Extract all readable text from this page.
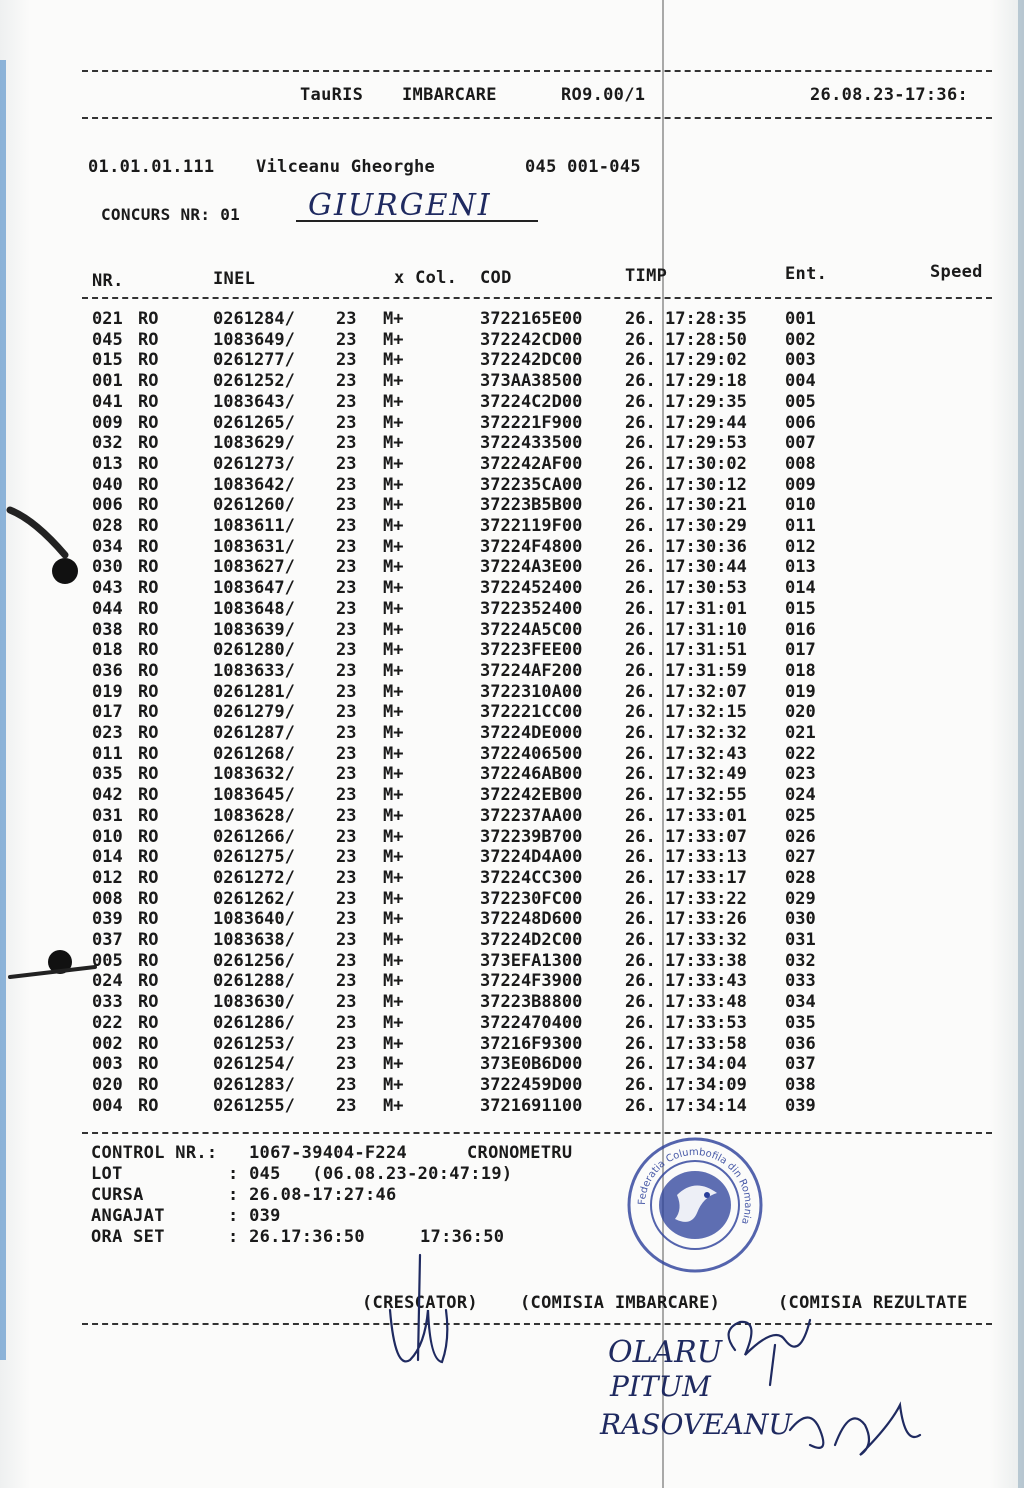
TauRIS IMBARCARE	RO9.00/1	26.08.23-17:36:
01.01.01.111 Vilceanu Gheorghe	045 001-045
CONCURS NR: 01 GIURGENI
NR.	INEL	x Col. COD	TIMP	Ent.	Speed
021 RO	0261284/ 23 M+	3722165E00	26. 17:28:35 001
045 RO	1083649/ 23 M+	372242CD00	26. 17:28:50 002
015 RO	0261277/ 23 M+	372242DC00	26. 17:29:02 003
001 RO	0261252/ 23 M+	373AA38500	26. 17:29:18 004
041 RO	1083643/ 23 M+	37224C2D00	26. 17:29:35 005
009 RO	0261265/ 23 M+	372221F900	26. 17:29:44 006
032 RO	1083629/ 23 M+	3722433500	26. 17:29:53 007
013 RO	0261273/ 23 M+	372242AF00	26. 17:30:02 008
040 RO	1083642/ 23 M+	372235CA00	26. 17:30:12 009
006 RO	0261260/ 23 M+	37223B5B00	26. 17:30:21 010
028 RO	1083611/ 23 M+	3722119F00	26. 17:30:29 011
034 RO	1083631/ 23 M+	37224F4800	26. 17:30:36 012
030 RO	1083627/ 23 M+	37224A3E00	26. 17:30:44 013
043 RO	1083647/ 23 M+	3722452400	26. 17:30:53 014
044 RO	1083648/ 23 M+	3722352400	26. 17:31:01 015
038 RO	1083639/ 23 M+	37224A5C00	26. 17:31:10 016
018 RO	0261280/ 23 M+	37223FEE00	26. 17:31:51 017
036 RO	1083633/ 23 M+	37224AF200	26. 17:31:59 018
019 RO	0261281/ 23 M+	3722310A00	26. 17:32:07 019
017 RO	0261279/ 23 M+	372221CC00	26. 17:32:15 020
023 RO	0261287/ 23 M+	37224DE000	26. 17:32:32 021
011 RO	0261268/ 23 M+	3722406500	26. 17:32:43 022
035 RO	1083632/ 23 M+	372246AB00	26. 17:32:49 023
042 RO	1083645/ 23 M+	372242EB00	26. 17:32:55 024
031 RO	1083628/ 23 M+	372237AA00	26. 17:33:01 025
010 RO	0261266/ 23 M+	372239B700	26. 17:33:07 026
014 RO	0261275/ 23 M+	37224D4A00	26. 17:33:13 027
012 RO	0261272/ 23 M+	37224CC300	26. 17:33:17 028
008 RO	0261262/ 23 M+	372230FC00	26. 17:33:22 029
039 RO	1083640/ 23 M+	372248D600	26. 17:33:26 030
037 RO	1083638/ 23 M+	37224D2C00	26. 17:33:32 031
005 RO	0261256/ 23 M+	373EFA1300	26. 17:33:38 032
024 RO	0261288/ 23 M+	37224F3900	26. 17:33:43 033
033 RO	1083630/ 23 M+	37223B8800	26. 17:33:48 034
022 RO	0261286/ 23 M+	3722470400	26. 17:33:53 035
002 RO	0261253/ 23 M+	37216F9300	26. 17:33:58 036
003 RO	0261254/ 23 M+	373E0B6D00	26. 17:34:04 037
020 RO	0261283/ 23 M+	3722459D00	26. 17:34:09 038
004 RO	0261255/ 23 M+	3721691100	26. 17:34:14 039
CONTROL NR.: 1067-39404-F224	CRONOMETRU
LOT	: 045   (06.08.23-20:47:19)
CURSA	: 26.08-17:27:46
ANGAJAT	: 039
ORA SET	: 26.17:36:50	17:36:50
Federatia Columbofila din Romania
(CRESCATOR) (COMISIA IMBARCARE)	(COMISIA REZULTATE
OLARU
PITUM
RASOVEANU
